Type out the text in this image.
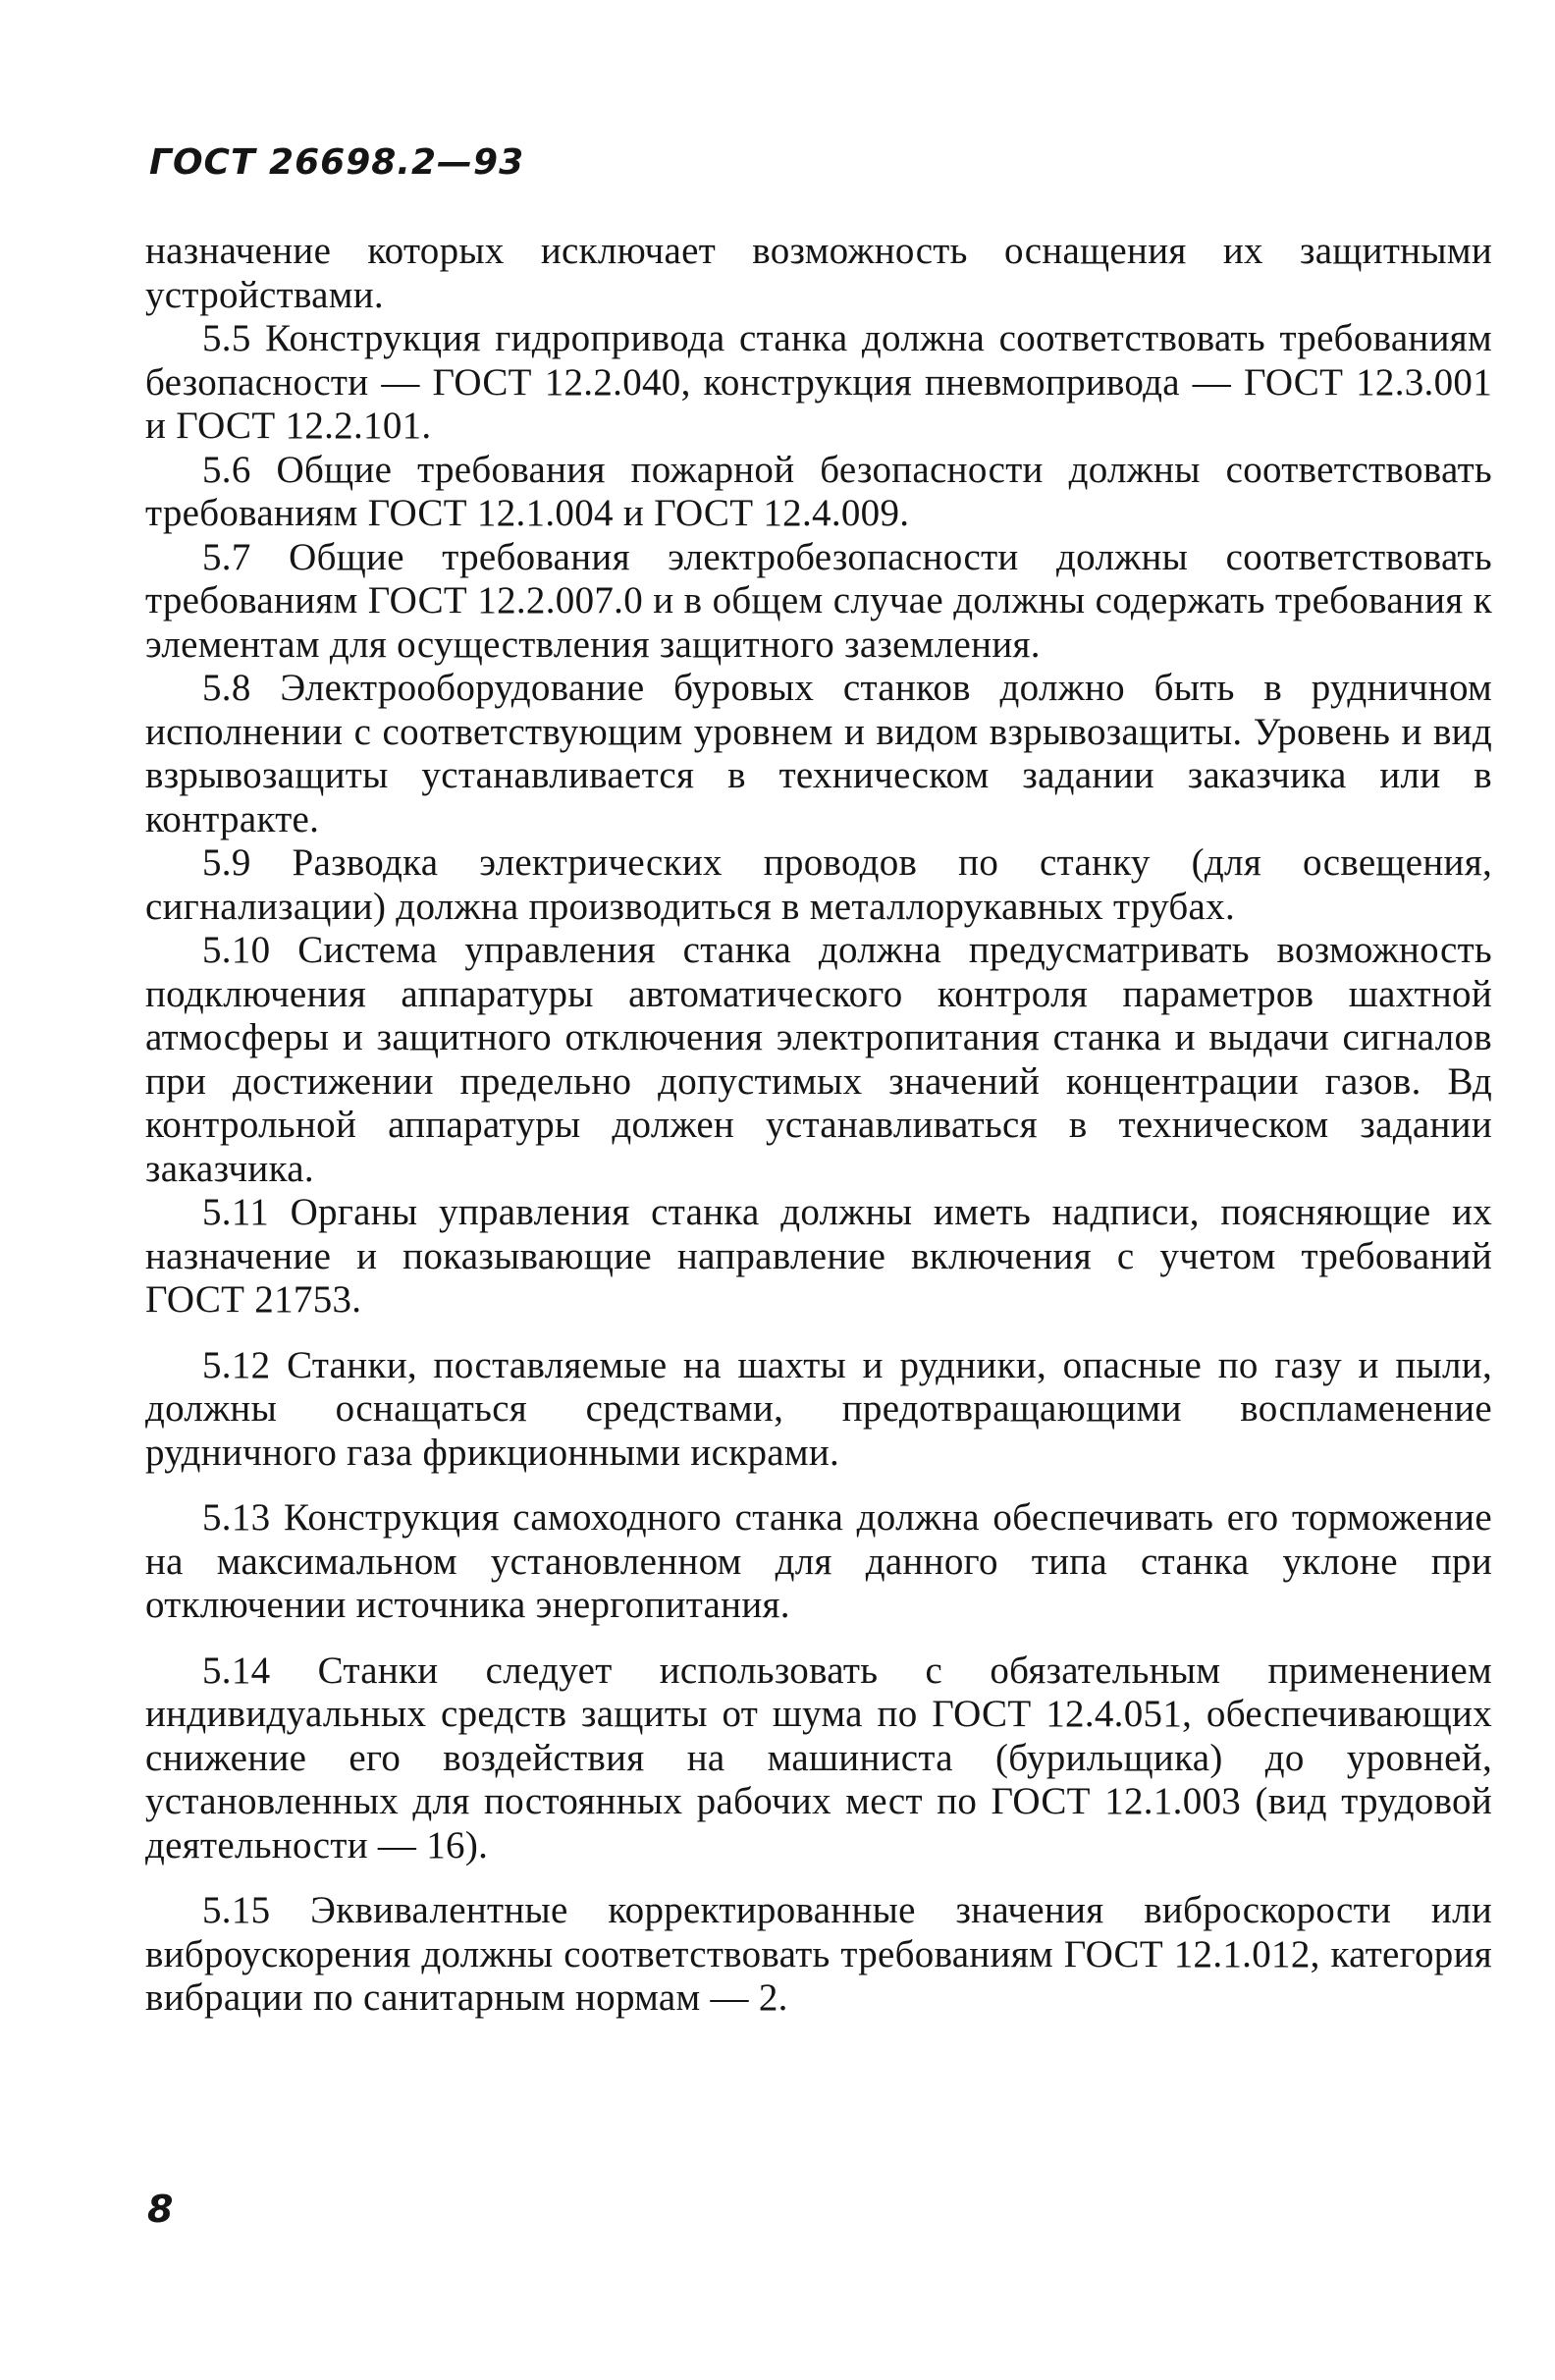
ГОСТ 26698.2—93

назначение которых исключает возможность оснащения их защитными устройствами.

5.5 Конструкция гидропривода станка должна соответствовать требованиям безопасности — ГОСТ 12.2.040, конструкция пневмопривода — ГОСТ 12.3.001 и ГОСТ 12.2.101.

5.6 Общие требования пожарной безопасности должны соответствовать требованиям ГОСТ 12.1.004 и ГОСТ 12.4.009.

5.7 Общие требования электробезопасности должны соответствовать требованиям ГОСТ 12.2.007.0 и в общем случае должны содержать требования к элементам для осуществления защитного заземления.

5.8 Электрооборудование буровых станков должно быть в рудничном исполнении с соответствующим уровнем и видом взрывозащиты. Уровень и вид взрывозащиты устанавливается в техническом задании заказчика или в контракте.

5.9 Разводка электрических проводов по станку (для освещения, сигнализации) должна производиться в металлорукавных трубах.

5.10 Система управления станка должна предусматривать возможность подключения аппаратуры автоматического контроля параметров шахтной атмосферы и защитного отключения электропитания станка и выдачи сигналов при достижении предельно допустимых значений концентрации газов. Вд контрольной аппаратуры должен устанавливаться в техническом задании заказчика.

5.11 Органы управления станка должны иметь надписи, поясняющие их назначение и показывающие направление включения с учетом требований ГОСТ 21753.

5.12 Станки, поставляемые на шахты и рудники, опасные по газу и пыли, должны оснащаться средствами, предотвращающими воспламенение рудничного газа фрикционными искрами.

5.13 Конструкция самоходного станка должна обеспечивать его торможение на максимальном установленном для данного типа станка уклоне при отключении источника энергопитания.

5.14 Станки следует использовать с обязательным применением индивидуальных средств защиты от шума по ГОСТ 12.4.051, обеспечивающих снижение его воздействия на машиниста (бурильщика) до уровней, установленных для постоянных рабочих мест по ГОСТ 12.1.003 (вид трудовой деятельности — 16).

5.15 Эквивалентные корректированные значения виброскорости или виброускорения должны соответствовать требованиям ГОСТ 12.1.012, категория вибрации по санитарным нормам — 2.

8
